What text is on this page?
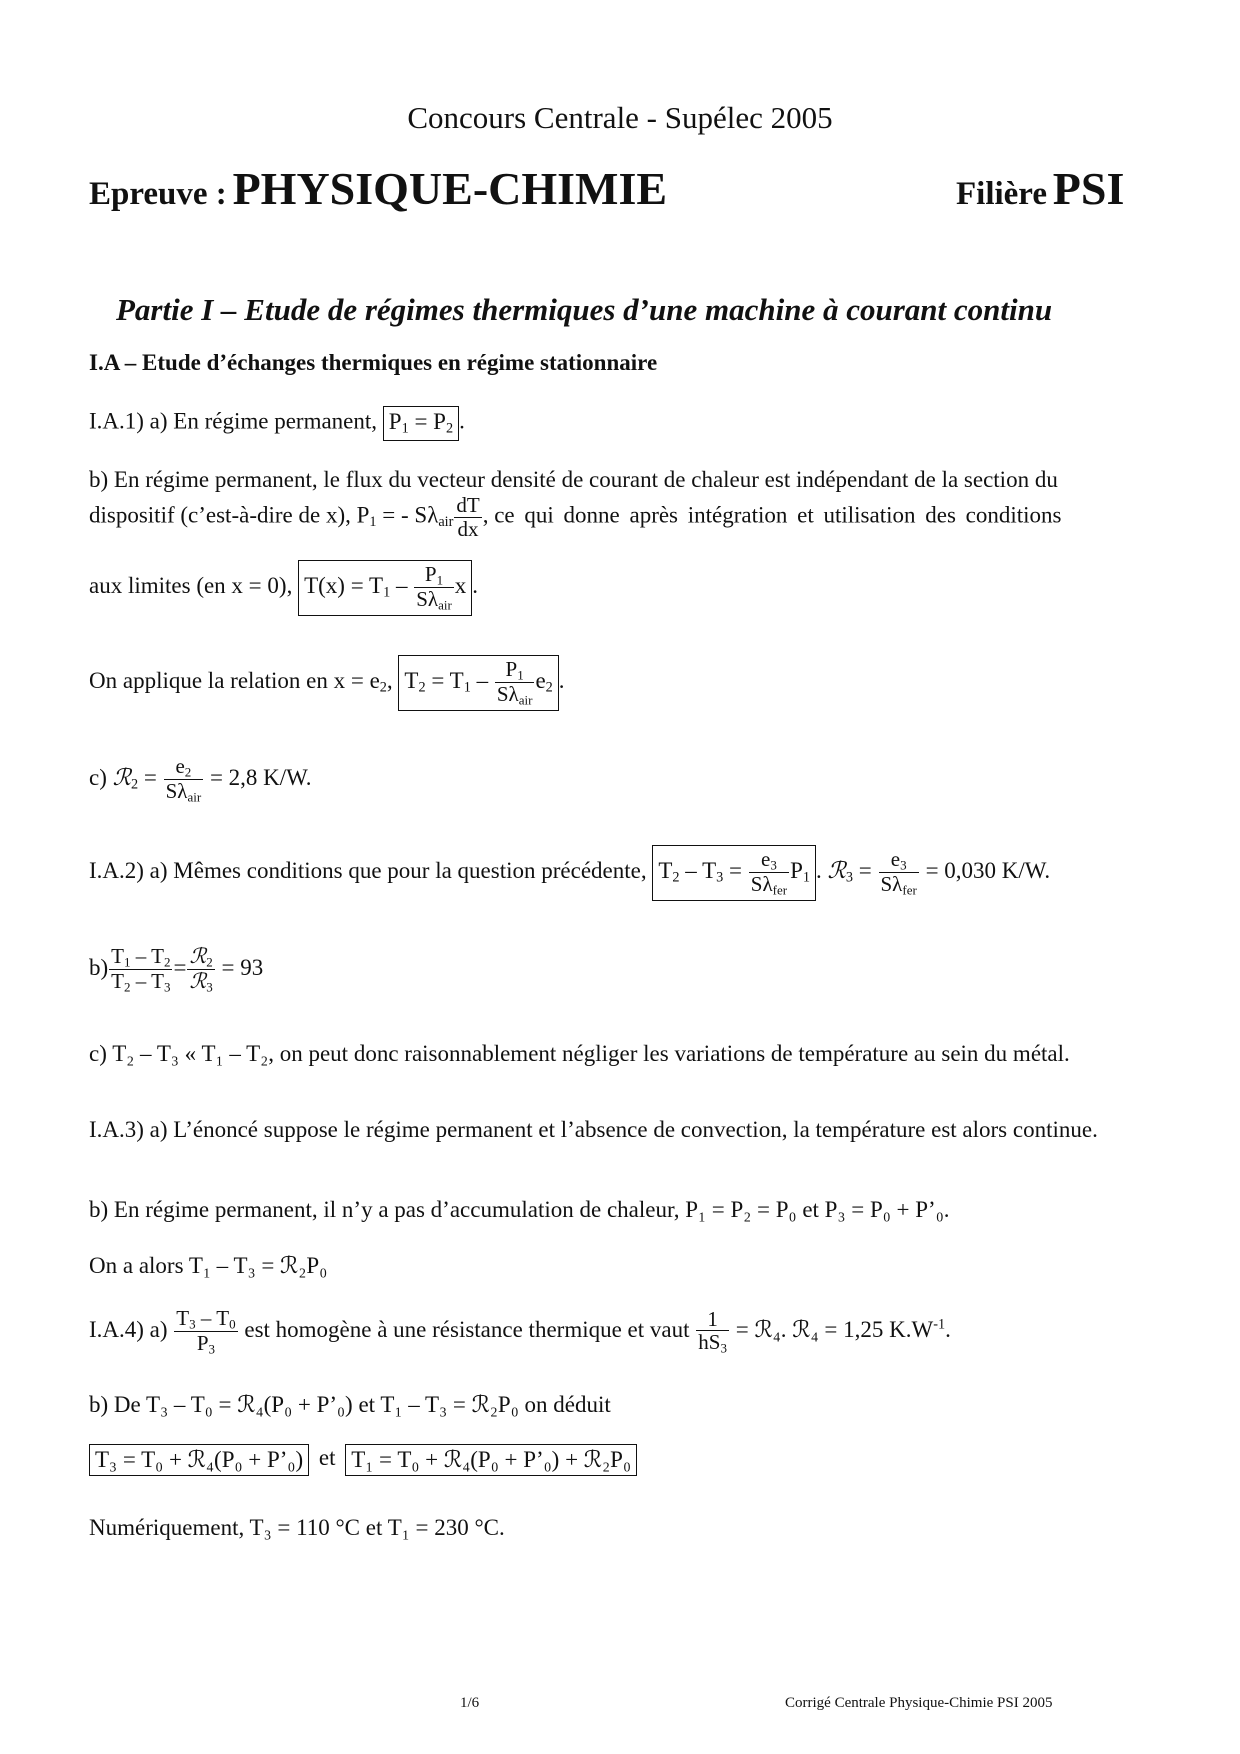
Concours Centrale - Supélec 2005
Epreuve : PHYSIQUE-CHIMIE	Filière PSI
Partie I – Etude de régimes thermiques d’une machine à courant continu
I.A – Etude d’échanges thermiques en régime stationnaire
I.A.1) a) En régime permanent, $P_1 = P_2$ .
b) En régime permanent, le flux du vecteur densité de courant de chaleur est indépendant de la section du
dispositif (c’est-à-dire de x), $P_1$ = - $S\lambda_{air} \frac{dT}{dx}$ , ce qui donne après intégration et utilisation des conditions
aux limites (en x = 0), $T(x) = T_1 - \frac{P_1}{S\lambda_{air}}$ x .
On applique la relation en $x = e_2$, $T_2 = T_1 - \frac{P_1}{S\lambda_{air}} e_2$ .
c) ℛ$_2$ = $\frac{e_2}{S\lambda_{air}} = 2,8$ K/W.
I.A.2) a) Mêmes conditions que pour la question précédente, $T_2 - T_3 = \frac{e_3}{S\lambda_{fer}} P_1$ . ℛ$_3$ = $\frac{e_3}{S\lambda_{fer}} = 0,030$ K/W.
$b) \frac{T_1 - T_2}{T_2 - T_3} = \frac{ℛ_2}{ℛ_3} = 93$
c) T₂ – T₃ « T₁ – T₂, on peut donc raisonnablement négliger les variations de température au sein du métal.
I.A.3) a) L’énoncé suppose le régime permanent et l’absence de convection, la température est alors continue.
b) En régime permanent, il n’y a pas d’accumulation de chaleur, P₁ = P₂ = P₀ et P₃ = P₀ + P’₀.
On a alors T₁ – T₃ = ℛ₂P₀
I.A.4) $a) \frac{T_3 - T_0}{P_3}$ est homogène à une résistance thermique et vaut $\frac{1}{hS_3}$ = ℛ₄. ℛ₄ = 1,25 $K.W^{-1}$.
b) De T₃ – T₀ = ℛ₄(P₀ + P’₀) et T₁ – T₃ = ℛ₂P₀ on déduit
T₃ = T₀ + ℛ₄(P₀ + P’₀) et T₁ = T₀ + ℛ₄(P₀ + P’₀) + ℛ₂P₀
Numériquement, T₃ = 110 °C et T₁ = 230 °C.
1/6	Corrigé Centrale Physique-Chimie PSI 2005
